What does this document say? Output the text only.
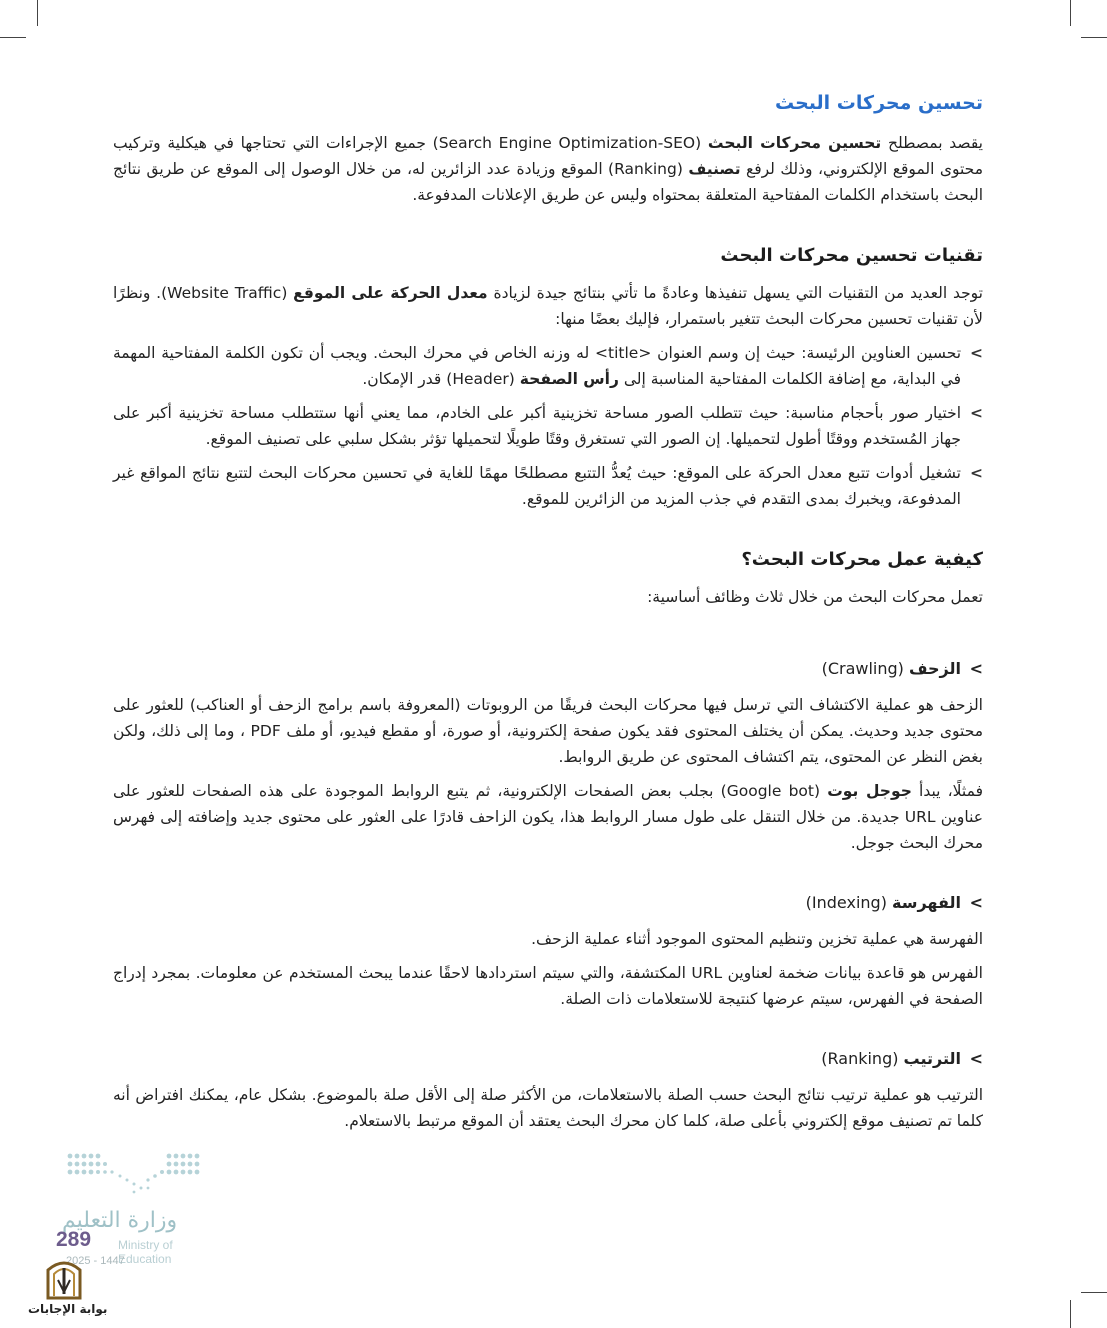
تحسين محركات البحث

يقصد بمصطلح تحسين محركات البحث (Search Engine Optimization-SEO) جميع الإجراءات التي تحتاجها في هيكلية وتركيب محتوى الموقع الإلكتروني، وذلك لرفع تصنيف (Ranking) الموقع وزيادة عدد الزائرين له، من خلال الوصول إلى الموقع عن طريق نتائج البحث باستخدام الكلمات المفتاحية المتعلقة بمحتواه وليس عن طريق الإعلانات المدفوعة.

تقنيات تحسين محركات البحث

توجد العديد من التقنيات التي يسهل تنفيذها وعادةً ما تأتي بنتائج جيدة لزيادة معدل الحركة على الموقع (Website Traffic). ونظرًا لأن تقنيات تحسين محركات البحث تتغير باستمرار، فإليك بعضًا منها:

>
تحسين العناوين الرئيسة: حيث إن وسم العنوان <title> له وزنه الخاص في محرك البحث. ويجب أن تكون الكلمة المفتاحية المهمة في البداية، مع إضافة الكلمات المفتاحية المناسبة إلى رأس الصفحة (Header) قدر الإمكان.
>
اختيار صور بأحجام مناسبة: حيث تتطلب الصور مساحة تخزينية أكبر على الخادم، مما يعني أنها ستتطلب مساحة تخزينية أكبر على جهاز المُستخدم ووقتًا أطول لتحميلها. إن الصور التي تستغرق وقتًا طويلًا لتحميلها تؤثر بشكل سلبي على تصنيف الموقع.
>
تشغيل أدوات تتبع معدل الحركة على الموقع: حيث يُعدُّ التتبع مصطلحًا مهمًا للغاية في تحسين محركات البحث لتتبع نتائج المواقع غير المدفوعة، ويخبرك بمدى التقدم في جذب المزيد من الزائرين للموقع.
كيفية عمل محركات البحث؟

تعمل محركات البحث من خلال ثلاث وظائف أساسية:

>
الزحف (Crawling)

الزحف هو عملية الاكتشاف التي ترسل فيها محركات البحث فريقًا من الروبوتات (المعروفة باسم برامج الزحف أو العناكب) للعثور على محتوى جديد وحديث. يمكن أن يختلف المحتوى فقد يكون صفحة إلكترونية، أو صورة، أو مقطع فيديو، أو ملف PDF ، وما إلى ذلك، ولكن بغض النظر عن المحتوى، يتم اكتشاف المحتوى عن طريق الروابط.

فمثلًا، يبدأ جوجل بوت (Google bot) بجلب بعض الصفحات الإلكترونية، ثم يتبع الروابط الموجودة على هذه الصفحات للعثور على عناوين URL جديدة. من خلال التنقل على طول مسار الروابط هذا، يكون الزاحف قادرًا على العثور على محتوى جديد وإضافته إلى فهرس محرك البحث جوجل.

>
الفهرسة (Indexing)

الفهرسة هي عملية تخزين وتنظيم المحتوى الموجود أثناء عملية الزحف.

الفهرس هو قاعدة بيانات ضخمة لعناوين URL المكتشفة، والتي سيتم استردادها لاحقًا عندما يبحث المستخدم عن معلومات. بمجرد إدراج الصفحة في الفهرس، سيتم عرضها كنتيجة للاستعلامات ذات الصلة.

>
الترتيب (Ranking)

الترتيب هو عملية ترتيب نتائج البحث حسب الصلة بالاستعلامات، من الأكثر صلة إلى الأقل صلة بالموضوع. بشكل عام، يمكنك افتراض أنه كلما تم تصنيف موقع إلكتروني بأعلى صلة، كلما كان محرك البحث يعتقد أن الموقع مرتبط بالاستعلام.

وزارة التعليم
Ministry of Education
289
2025 - 1447
بوابة الإجابات
